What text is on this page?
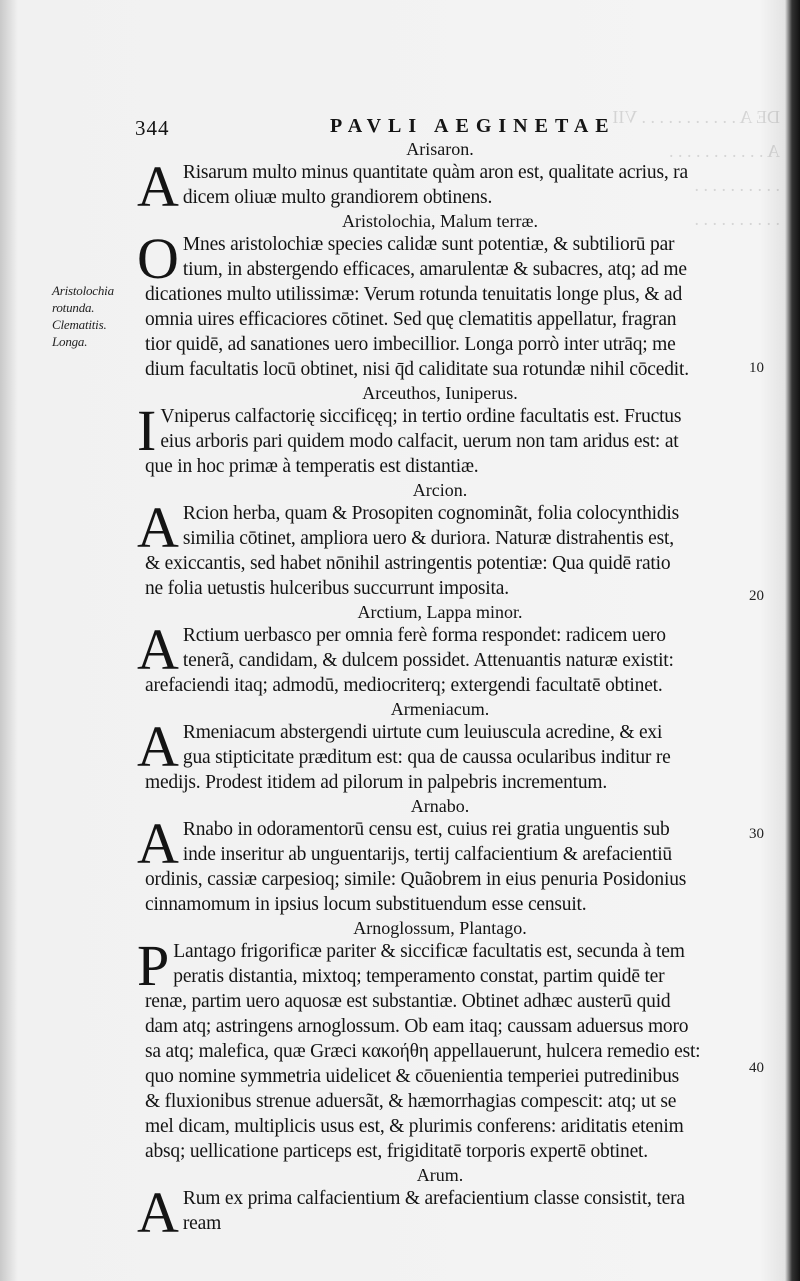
DE A . . . . . . . . . . . VII
A . . . . . . . . . . .
. . . . . . . . . .
. . . . . . . . . .
Aristolochia
rotunda.
Clematitis.
Longa.
10
20
30
40
344	PAVLI AEGINETAE
Arisaron.
A Risarum multo minus quantitate quàm aron est, qualitate acrius, ra
dicem oliuæ multo grandiorem obtinens.
Aristolochia, Malum terræ.
O Mnes aristolochiæ species calidæ sunt potentiæ, & subtiliorū par
tium, in abstergendo efficaces, amarulentæ & subacres, atq; ad me
dicationes multo utilissimæ: Verum rotunda tenuitatis longe plus, & ad
omnia uires efficaciores cōtinet. Sed quę clematitis appellatur, fragran
tior quidē, ad sanationes uero imbecillior. Longa porrò inter utrāq; me
dium facultatis locū obtinet, nisi q̄d caliditate sua rotundæ nihil cōcedit.
Arceuthos, Iuniperus.
I Vniperus calfactorię siccificęq; in tertio ordine facultatis est. Fructus
eius arboris pari quidem modo calfacit, uerum non tam aridus est: at
que in hoc primæ à temperatis est distantiæ.
Arcion.
A Rcion herba, quam & Prosopiten cognominãt, folia colocynthidis
similia cōtinet, ampliora uero & duriora. Naturæ distrahentis est,
& exiccantis, sed habet nōnihil astringentis potentiæ: Qua quidē ratio
ne folia uetustis hulceribus succurrunt imposita.
Arctium, Lappa minor.
A Rctium uerbasco per omnia ferè forma respondet: radicem uero
tenerã, candidam, & dulcem possidet. Attenuantis naturæ existit:
arefaciendi itaq; admodū, mediocriterq; extergendi facultatē obtinet.
Armeniacum.
A Rmeniacum abstergendi uirtute cum leuiuscula acredine, & exi
gua stipticitate præditum est: qua de caussa ocularibus inditur re
medijs. Prodest itidem ad pilorum in palpebris incrementum.
Arnabo.
A Rnabo in odoramentorū censu est, cuius rei gratia unguentis sub
inde inseritur ab unguentarijs, tertij calfacientium & arefacientiū
ordinis, cassiæ carpesioq; simile: Quãobrem in eius penuria Posidonius
cinnamomum in ipsius locum substituendum esse censuit.
Arnoglossum, Plantago.
P Lantago frigorificæ pariter & siccificæ facultatis est, secunda à tem
peratis distantia, mixtoq; temperamento constat, partim quidē ter
renæ, partim uero aquosæ est substantiæ. Obtinet adhæc austerū quid
dam atq; astringens arnoglossum. Ob eam itaq; caussam aduersus moro
sa atq; malefica, quæ Græci κακοήθη appellauerunt, hulcera remedio est:
quo nomine symmetria uidelicet & cōuenientia temperiei putredinibus
& fluxionibus strenue aduersãt, & hæmorrhagias compescit: atq; ut se
mel dicam, multiplicis usus est, & plurimis conferens: ariditatis etenim
absq; uellicatione particeps est, frigiditatē torporis expertē obtinet.
Arum.
A Rum ex prima calfacientium & arefacientium classe consistit, tera
ream
